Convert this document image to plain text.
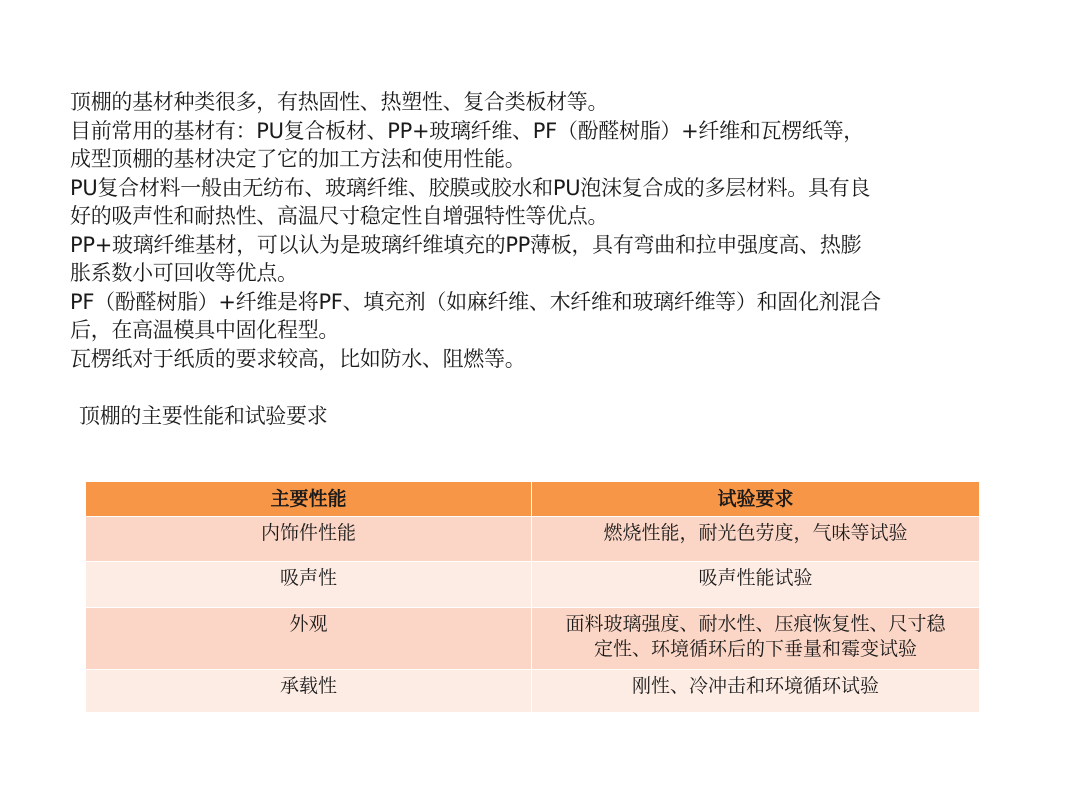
顶棚的基材种类很多，有热固性、热塑性、复合类板材等。
目前常用的基材有：PU复合板材、PP+玻璃纤维、PF（酚醛树脂）+纤维和瓦楞纸等，
成型顶棚的基材决定了它的加工方法和使用性能。
PU复合材料一般由无纺布、玻璃纤维、胶膜或胶水和PU泡沫复合成的多层材料。具有良
好的吸声性和耐热性、高温尺寸稳定性自增强特性等优点。
PP+玻璃纤维基材，可以认为是玻璃纤维填充的PP薄板，具有弯曲和拉申强度高、热膨
胀系数小可回收等优点。
PF（酚醛树脂）+纤维是将PF、填充剂（如麻纤维、木纤维和玻璃纤维等）和固化剂混合
后，在高温模具中固化程型。
瓦楞纸对于纸质的要求较高，比如防水、阻燃等。
顶棚的主要性能和试验要求
主要性能	试验要求
内饰件性能	燃烧性能，耐光色劳度，气味等试验

吸声性	吸声性能试验

外观	面料玻璃强度、耐水性、压痕恢复性、尺寸稳
定性、环境循环后的下垂量和霉变试验

承载性	刚性、冷冲击和环境循环试验
